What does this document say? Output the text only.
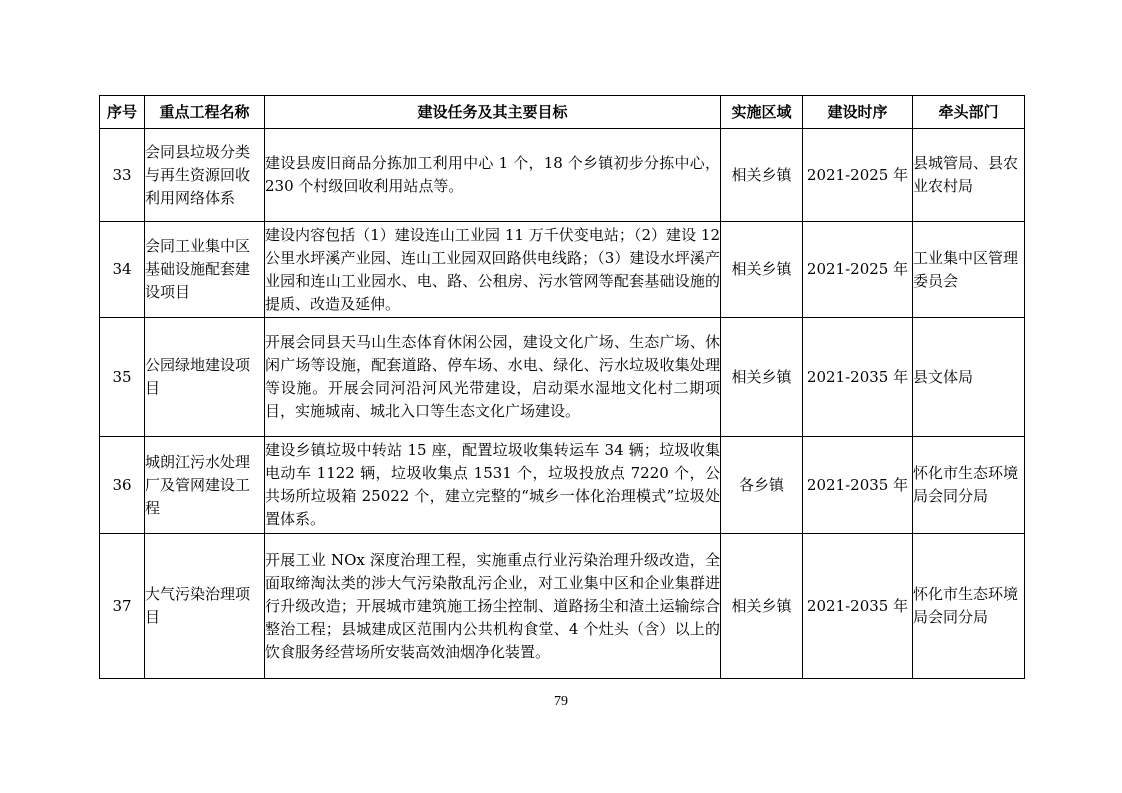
序号	重点工程名称	建设任务及其主要目标	实施区域	建设时序	牵头部门
33	会同县垃圾分类与再生资源回收利用网络体系	建设县废旧商品分拣加工利用中心 1 个，18 个乡镇初步分拣中心，230 个村级回收利用站点等。	相关乡镇	2021-2025 年	县城管局、县农业农村局
34	会同工业集中区基础设施配套建设项目	建设内容包括（1）建设连山工业园 11 万千伏变电站；（2）建设 12 公里水坪溪产业园、连山工业园双回路供电线路；（3）建设水坪溪产业园和连山工业园水、电、路、公租房、污水管网等配套基础设施的提质、改造及延伸。	相关乡镇	2021-2025 年	工业集中区管理委员会
35	公园绿地建设项目	开展会同县天马山生态体育休闲公园，建设文化广场、生态广场、休闲广场等设施，配套道路、停车场、水电、绿化、污水垃圾收集处理等设施。开展会同河沿河风光带建设，启动渠水湿地文化村二期项目，实施城南、城北入口等生态文化广场建设。	相关乡镇	2021-2035 年	县文体局
36	城朗江污水处理厂及管网建设工程	建设乡镇垃圾中转站 15 座，配置垃圾收集转运车 34 辆；垃圾收集电动车 1122 辆，垃圾收集点 1531 个，垃圾投放点 7220 个，公共场所垃圾箱 25022 个，建立完整的“城乡一体化治理模式”垃圾处置体系。	各乡镇	2021-2035 年	怀化市生态环境局会同分局
37	大气污染治理项目	开展工业 NOx 深度治理工程，实施重点行业污染治理升级改造，全面取缔淘汰类的涉大气污染散乱污企业，对工业集中区和企业集群进行升级改造；开展城市建筑施工扬尘控制、道路扬尘和渣土运输综合整治工程；县城建成区范围内公共机构食堂、4 个灶头（含）以上的饮食服务经营场所安装高效油烟净化装置。	相关乡镇	2021-2035 年	怀化市生态环境局会同分局
79
